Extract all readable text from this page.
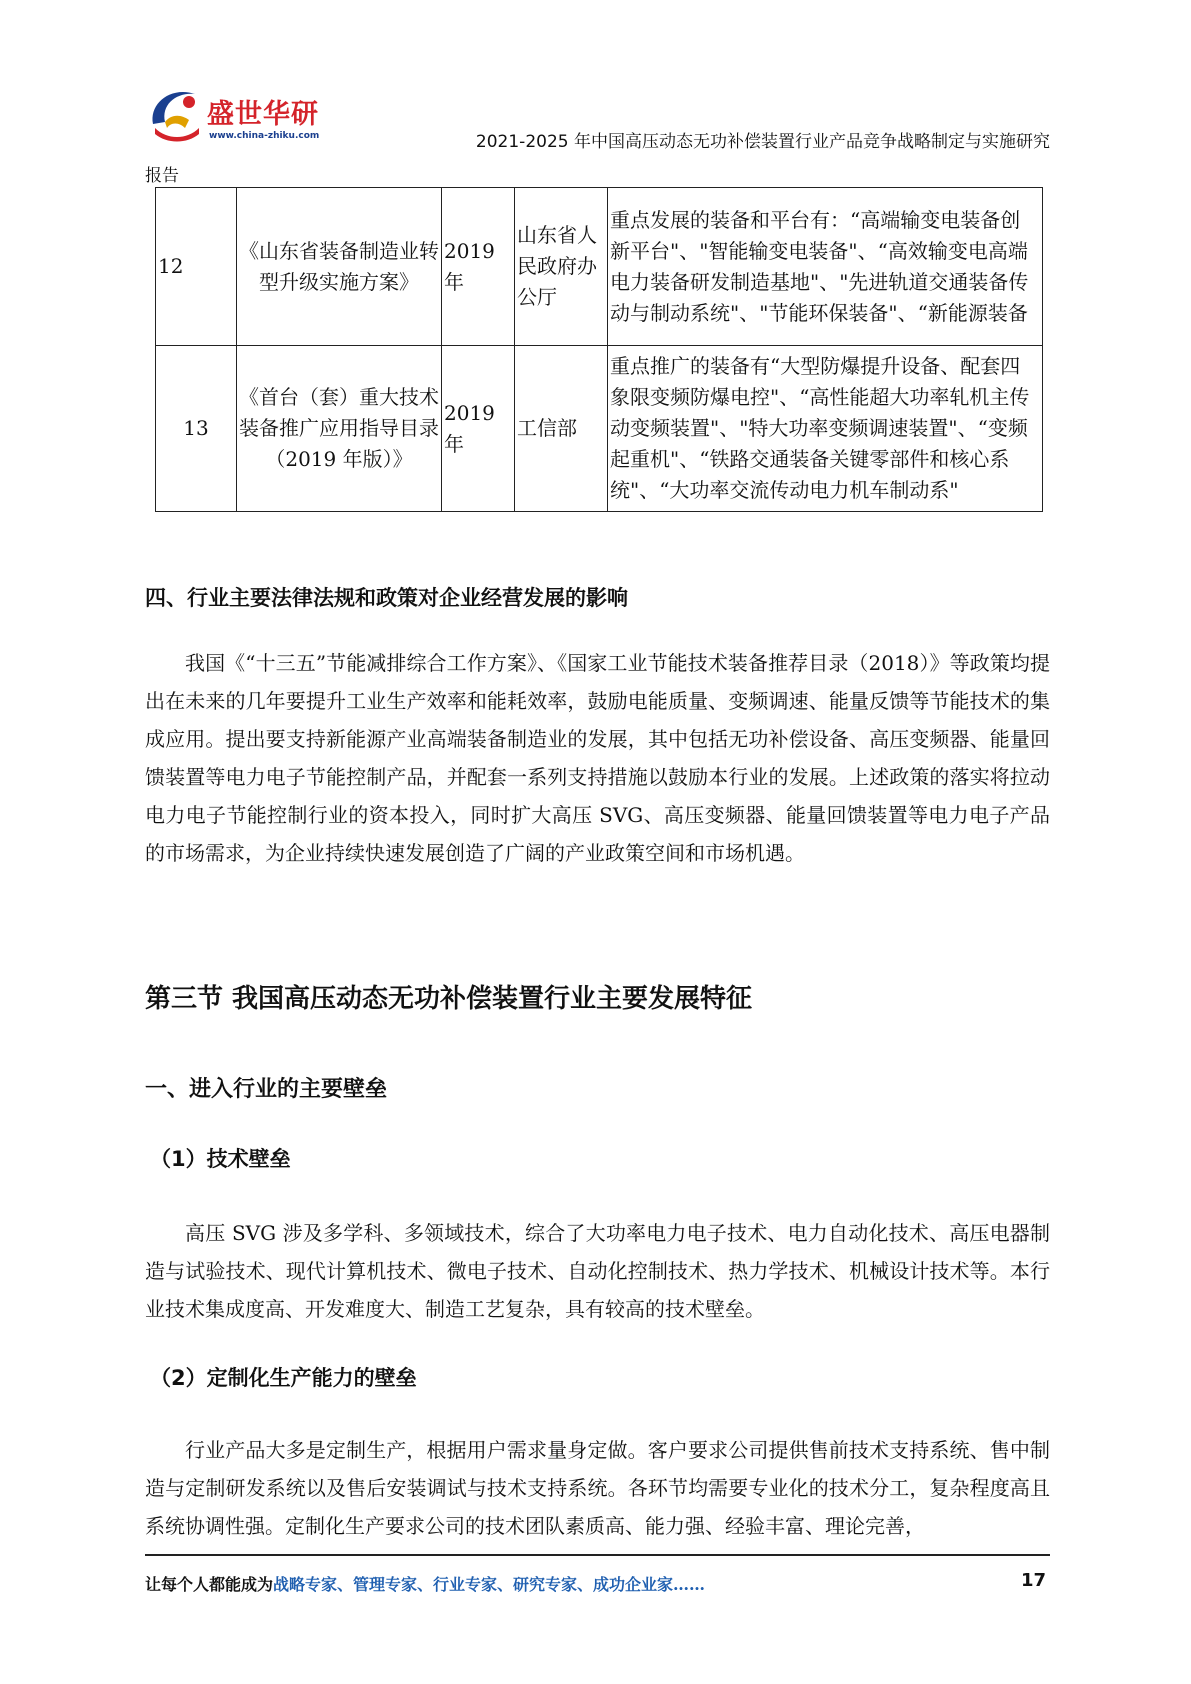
盛世华研
www.china-zhiku.com	2021-2025 年中国高压动态无功补偿装置行业产品竞争战略制定与实施研究
报告
12	《山东省装备制造业转型升级实施方案》	2019年	山东省人民政府办公厅	重点发展的装备和平台有：“高端输变电装备创新平台"、"智能输变电装备"、“高效输变电高端电力装备研发制造基地"、"先进轨道交通装备传动与制动系统"、"节能环保装备"、“新能源装备
13	《首台（套）重大技术装备推广应用指导目录（2019 年版）》	2019年	工信部	重点推广的装备有“大型防爆提升设备、配套四象限变频防爆电控"、“高性能超大功率轧机主传动变频装置"、"特大功率变频调速装置"、“变频起重机"、“铁路交通装备关键零部件和核心系统"、“大功率交流传动电力机车制动系"
四、行业主要法律法规和政策对企业经营发展的影响
我国《“十三五”节能减排综合工作方案》、《国家工业节能技术装备推荐目录（2018）》等政策均提出在未来的几年要提升工业生产效率和能耗效率，鼓励电能质量、变频调速、能量反馈等节能技术的集成应用。提出要支持新能源产业高端装备制造业的发展，其中包括无功补偿设备、高压变频器、能量回馈装置等电力电子节能控制产品，并配套一系列支持措施以鼓励本行业的发展。上述政策的落实将拉动电力电子节能控制行业的资本投入，同时扩大高压 SVG、高压变频器、能量回馈装置等电力电子产品的市场需求，为企业持续快速发展创造了广阔的产业政策空间和市场机遇。
第三节 我国高压动态无功补偿装置行业主要发展特征
一、进入行业的主要壁垒
（1）技术壁垒
高压 SVG 涉及多学科、多领域技术，综合了大功率电力电子技术、电力自动化技术、高压电器制造与试验技术、现代计算机技术、微电子技术、自动化控制技术、热力学技术、机械设计技术等。本行业技术集成度高、开发难度大、制造工艺复杂，具有较高的技术壁垒。
（2）定制化生产能力的壁垒
行业产品大多是定制生产，根据用户需求量身定做。客户要求公司提供售前技术支持系统、售中制造与定制研发系统以及售后安装调试与技术支持系统。各环节均需要专业化的技术分工，复杂程度高且系统协调性强。定制化生产要求公司的技术团队素质高、能力强、经验丰富、理论完善，
让每个人都能成为战略专家、管理专家、行业专家、研究专家、成功企业家……	17
